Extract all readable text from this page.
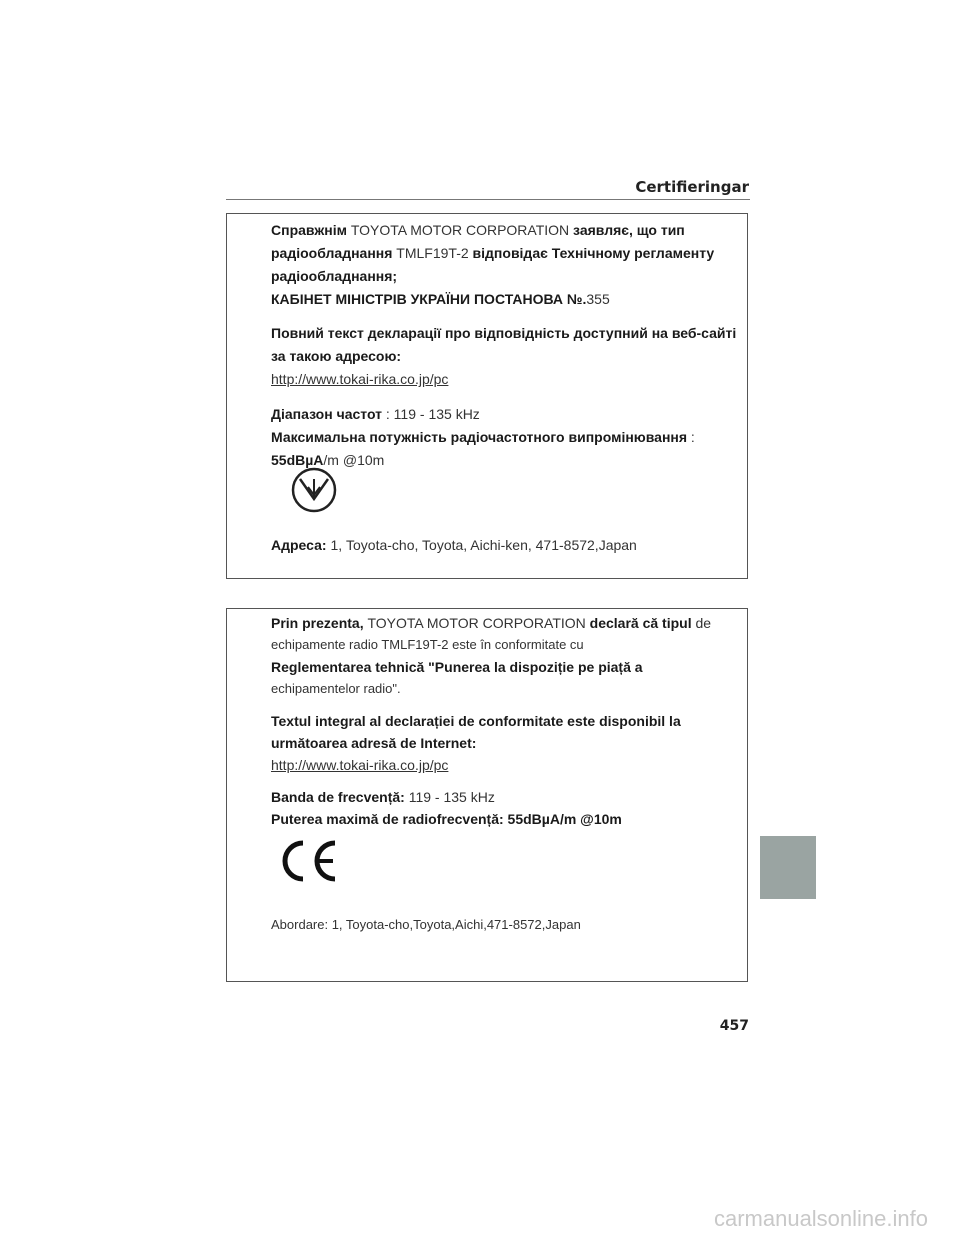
Certifieringar
Справжнім TOYOTA MOTOR CORPORATION заявляє, що тип
радіообладнання TMLF19T-2 відповідає Технічному регламенту
радіообладнання;
КАБІНЕТ МІНІСТРІВ УКРАЇНИ ПОСТАНОВА №.355
Повний текст декларації про відповідність доступний на веб-сайті
за такою адресою:
http://www.tokai-rika.co.jp/pc
Діапазон частот : 119 - 135 kHz
Максимальна потужність радіочастотного випромінювання :
55dBµA/m @10m
Адреса: 1, Toyota-cho, Toyota, Aichi-ken, 471-8572,Japan
Prin prezenta, TOYOTA MOTOR CORPORATION declară că tipul de
echipamente radio TMLF19T-2 este în conformitate cu
Reglementarea tehnică "Punerea la dispoziție pe piață a
echipamentelor radio".
Textul integral al declarației de conformitate este disponibil la
următoarea adresă de Internet:
http://www.tokai-rika.co.jp/pc
Banda de frecvență: 119 - 135 kHz
Puterea maximă de radiofrecvență: 55dBµA/m @10m
Abordare: 1, Toyota-cho,Toyota,Aichi,471-8572,Japan
457
carmanualsonline.info
